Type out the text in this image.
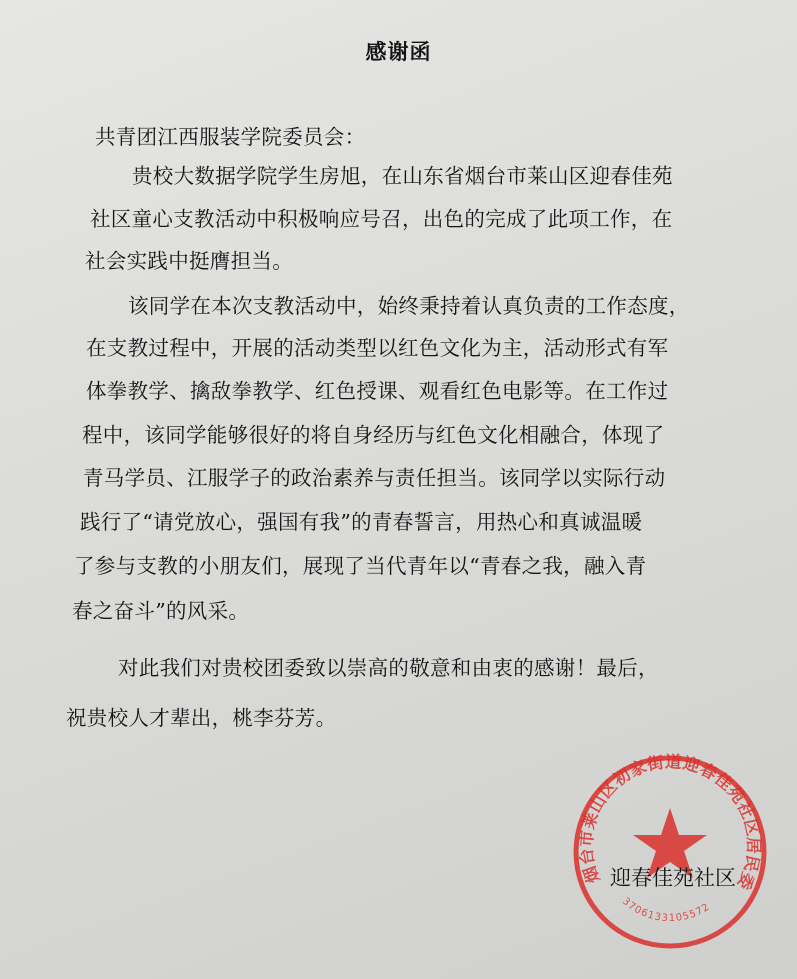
感谢函
共青团江西服装学院委员会：
贵校大数据学院学生房旭，在山东省烟台市莱山区迎春佳苑
社区童心支教活动中积极响应号召，出色的完成了此项工作，在
社会实践中挺膺担当。
该同学在本次支教活动中，始终秉持着认真负责的工作态度，
在支教过程中，开展的活动类型以红色文化为主，活动形式有军
体拳教学、擒敌拳教学、红色授课、观看红色电影等。在工作过
程中，该同学能够很好的将自身经历与红色文化相融合，体现了
青马学员、江服学子的政治素养与责任担当。该同学以实际行动
践行了“请党放心，强国有我”的青春誓言，用热心和真诚温暖
了参与支教的小朋友们，展现了当代青年以“青春之我，融入青
春之奋斗”的风采。
对此我们对贵校团委致以崇高的敬意和由衷的感谢！最后，
祝贵校人才辈出，桃李芬芳。
烟台市莱山区初家街道迎春佳苑社区居民委
3706133105572
迎春佳苑社区
